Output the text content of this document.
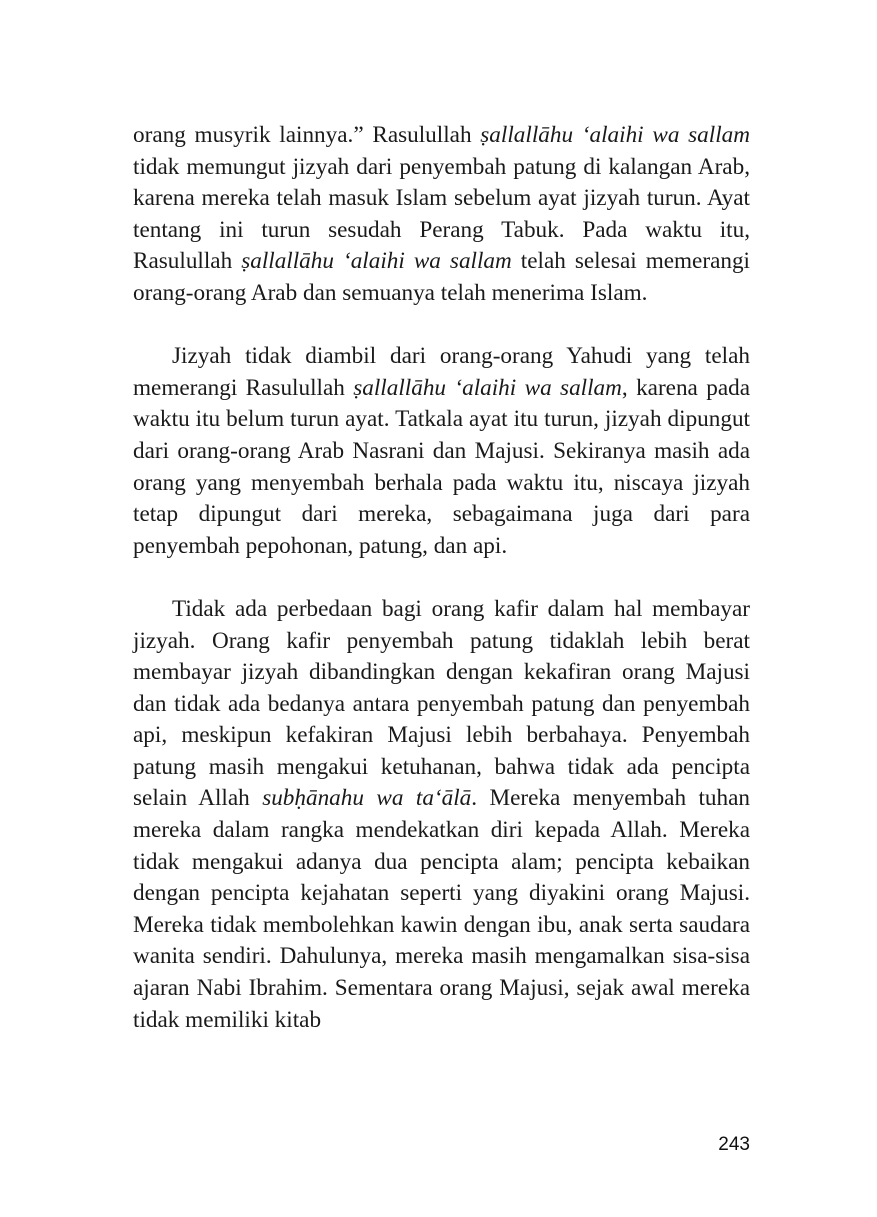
orang musyrik lainnya.” Rasulullah ṣallallāhu ‘alaihi wa sallam tidak memungut jizyah dari penyembah patung di kalangan Arab, karena mereka telah masuk Islam sebelum ayat jizyah turun. Ayat tentang ini turun sesudah Perang Tabuk. Pada waktu itu, Rasulullah ṣallallāhu ‘alaihi wa sallam telah selesai memerangi orang-orang Arab dan semuanya telah menerima Islam.

Jizyah tidak diambil dari orang-orang Yahudi yang telah memerangi Rasulullah ṣallallāhu ‘alaihi wa sallam, karena pada waktu itu belum turun ayat. Tatkala ayat itu turun, jizyah dipungut dari orang-orang Arab Nasrani dan Majusi. Sekiranya masih ada orang yang menyembah berhala pada waktu itu, niscaya jizyah tetap dipungut dari mereka, sebagaimana juga dari para penyembah pepohonan, patung, dan api.

Tidak ada perbedaan bagi orang kafir dalam hal membayar jizyah. Orang kafir penyembah patung tidaklah lebih berat membayar jizyah dibandingkan dengan kekafiran orang Majusi dan tidak ada bedanya antara penyembah patung dan penyembah api, meskipun kefakiran Majusi lebih berbahaya. Penyembah patung masih mengakui ketuhanan, bahwa tidak ada pencipta selain Allah subḥānahu wa ta‘ālā. Mereka menyembah tuhan mereka dalam rangka mendekatkan diri kepada Allah. Mereka tidak mengakui adanya dua pencipta alam; pencipta kebaikan dengan pencipta kejahatan seperti yang diyakini orang Majusi. Mereka tidak membolehkan kawin dengan ibu, anak serta saudara wanita sendiri. Dahulunya, mereka masih mengamalkan sisa-sisa ajaran Nabi Ibrahim. Sementara orang Majusi, sejak awal mereka tidak memiliki kitab

243
